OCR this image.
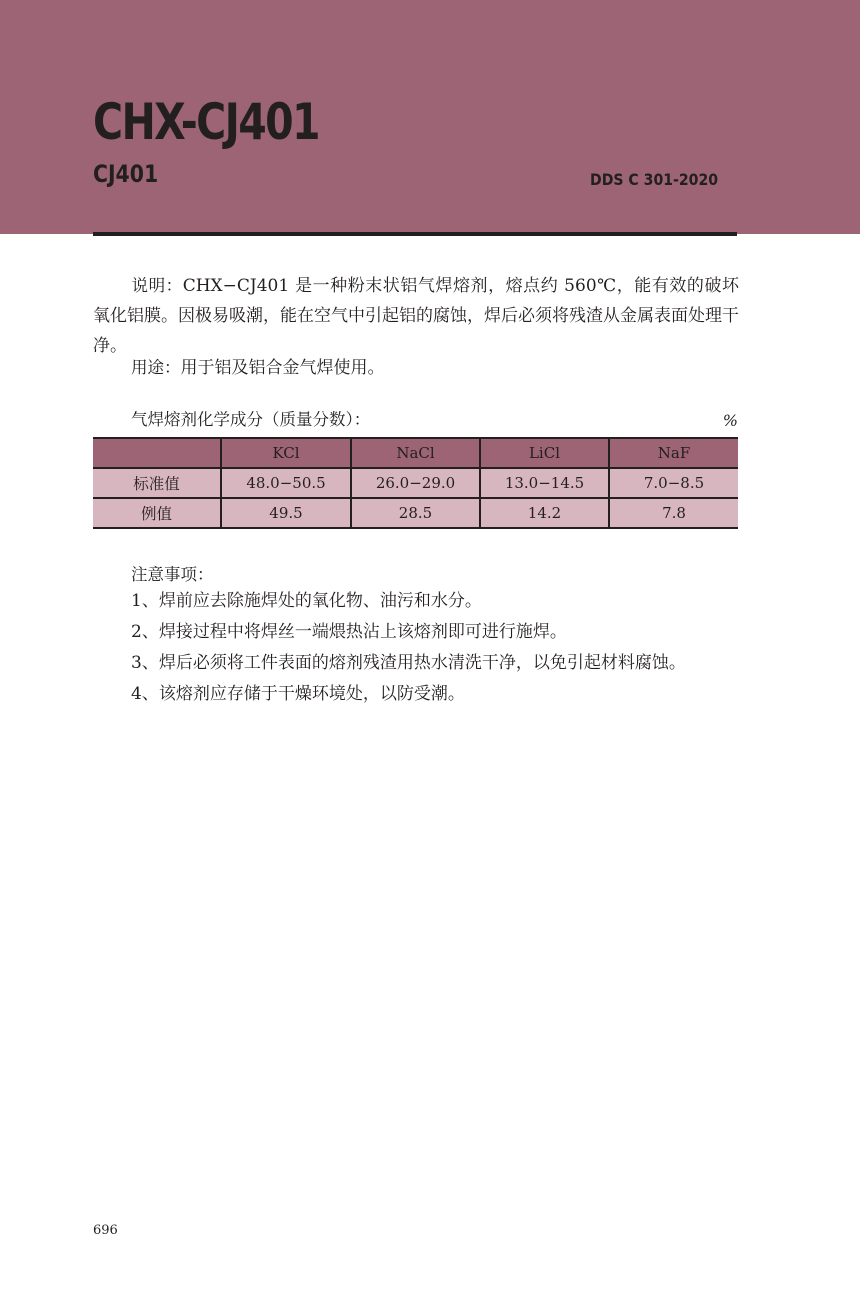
CHX-CJ401
CJ401	DDS C 301-2020

说明：CHX−CJ401 是一种粉末状铝气焊熔剂，熔点约 560℃，能有效的破坏氧化铝膜。因极易吸潮，能在空气中引起铝的腐蚀，焊后必须将残渣从金属表面处理干净。

用途：用于铝及铝合金气焊使用。

气焊熔剂化学成分（质量分数）：	%
	KCl	NaCl	LiCl	NaF
标准值	48.0−50.5	26.0−29.0	13.0−14.5	7.0−8.5
例值	49.5	28.5	14.2	7.8
注意事项：

1、焊前应去除施焊处的氧化物、油污和水分。

2、焊接过程中将焊丝一端煨热沾上该熔剂即可进行施焊。

3、焊后必须将工件表面的熔剂残渣用热水清洗干净，以免引起材料腐蚀。

4、该熔剂应存储于干燥环境处，以防受潮。

696
